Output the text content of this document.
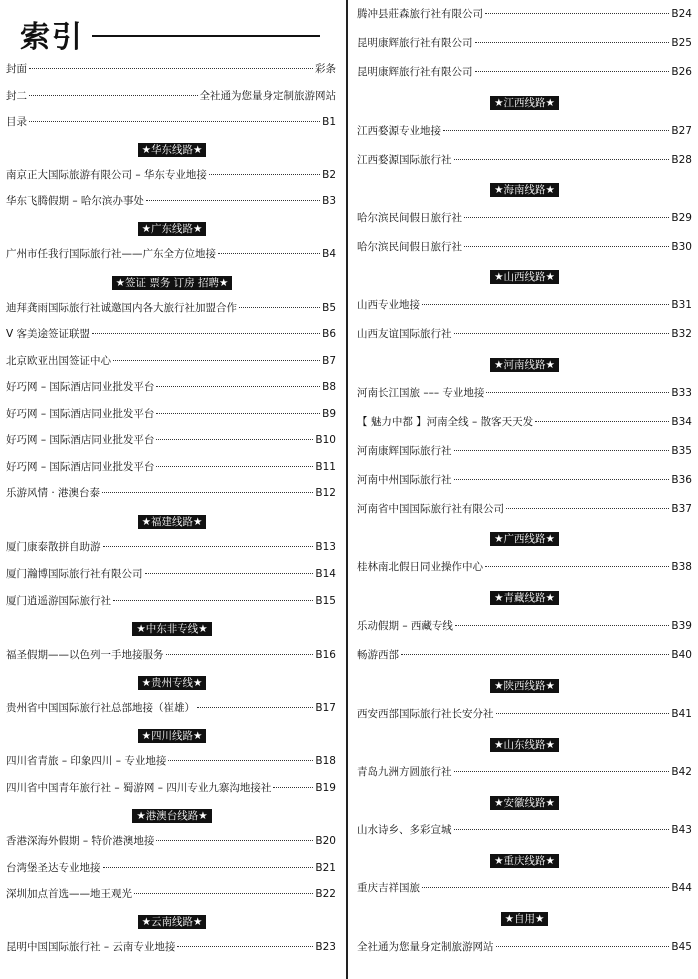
索引
封面	彩条
封二	全社通为您量身定制旅游网站
目录	B1
★华东线路★
南京正大国际旅游有限公司 – 华东专业地接	B2
华东飞腾假期 – 哈尔滨办事处	B3
★广东线路★
广州市任我行国际旅行社——广东全方位地接	B4
★签证 票务 订房 招聘★
迪拜龚雨国际旅行社诚邀国内各大旅行社加盟合作	B5
V 客美途签证联盟	B6
北京欧亚出国签证中心	B7
好巧网 – 国际酒店同业批发平台	B8
好巧网 – 国际酒店同业批发平台	B9
好巧网 – 国际酒店同业批发平台	B10
好巧网 – 国际酒店同业批发平台	B11
乐游风情 · 港澳台泰	B12
★福建线路★
厦门康泰散拼自助游	B13
厦门瀚博国际旅行社有限公司	B14
厦门逍遥游国际旅行社	B15
★中东非专线★
福圣假期——以色列一手地接服务	B16
★贵州专线★
贵州省中国国际旅行社总部地接（崔雄）	B17
★四川线路★
四川省青旅 – 印象四川 – 专业地接	B18
四川省中国青年旅行社 – 蜀游网 – 四川专业九寨沟地接社	B19
★港澳台线路★
香港深海外假期 – 特价港澳地接	B20
台湾堡圣达专业地接	B21
深圳加点首选——地王观光	B22
★云南线路★
昆明中国国际旅行社 – 云南专业地接	B23
腾冲县莊森旅行社有限公司	B24
昆明康辉旅行社有限公司	B25
昆明康辉旅行社有限公司	B26
★江西线路★
江西婺源专业地接	B27
江西婺源国际旅行社	B28
★海南线路★
哈尔滨民间假日旅行社	B29
哈尔滨民间假日旅行社	B30
★山西线路★
山西专业地接	B31
山西友谊国际旅行社	B32
★河南线路★
河南长江国旅 ––– 专业地接	B33
【 魅力中都 】河南全线 – 散客天天发	B34
河南康辉国际旅行社	B35
河南中州国际旅行社	B36
河南省中国国际旅行社有限公司	B37
★广西线路★
桂林南北假日同业操作中心	B38
★青藏线路★
乐动假期 – 西藏专线	B39
畅游西部	B40
★陕西线路★
西安西部国际旅行社长安分社	B41
★山东线路★
青岛九洲方圆旅行社	B42
★安徽线路★
山水诗乡、多彩宣城	B43
★重庆线路★
重庆吉祥国旅	B44
★自用★
全社通为您量身定制旅游网站	B45
